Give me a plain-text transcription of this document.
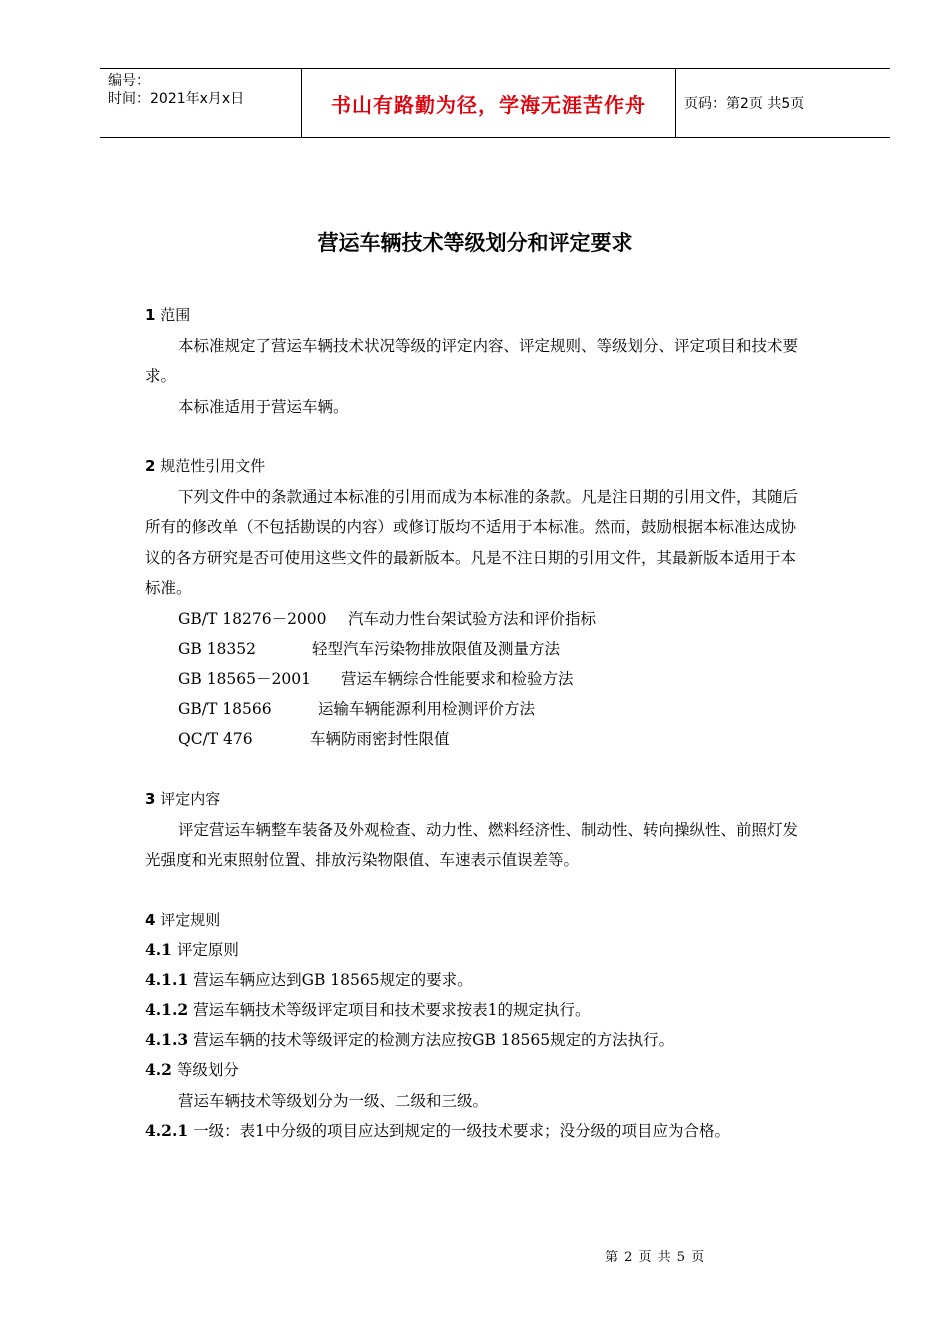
编号：
时间：2021年x月x日	书山有路勤为径，学海无涯苦作舟	页码：第2页 共5页
营运车辆技术等级划分和评定要求
1 范围
本标准规定了营运车辆技术状况等级的评定内容、评定规则、等级划分、评定项目和技术要
求。
本标准适用于营运车辆。
2 规范性引用文件
下列文件中的条款通过本标准的引用而成为本标准的条款。凡是注日期的引用文件，其随后
所有的修改单（不包括勘误的内容）或修订版均不适用于本标准。然而，鼓励根据本标准达成协
议的各方研究是否可使用这些文件的最新版本。凡是不注日期的引用文件，其最新版本适用于本
标准。
GB/T 18276－2000 汽车动力性台架试验方法和评价指标
GB 18352	轻型汽车污染物排放限值及测量方法
GB 18565－2001 营运车辆综合性能要求和检验方法
GB/T 18566	运输车辆能源利用检测评价方法
QC/T 476	车辆防雨密封性限值
3 评定内容
评定营运车辆整车装备及外观检查、动力性、燃料经济性、制动性、转向操纵性、前照灯发
光强度和光束照射位置、排放污染物限值、车速表示值误差等。
4 评定规则
4.1 评定原则
4.1.1 营运车辆应达到GB 18565规定的要求。
4.1.2 营运车辆技术等级评定项目和技术要求按表1的规定执行。
4.1.3 营运车辆的技术等级评定的检测方法应按GB 18565规定的方法执行。
4.2 等级划分
营运车辆技术等级划分为一级、二级和三级。
4.2.1 一级：表1中分级的项目应达到规定的一级技术要求；没分级的项目应为合格。
第 2 页 共 5 页
